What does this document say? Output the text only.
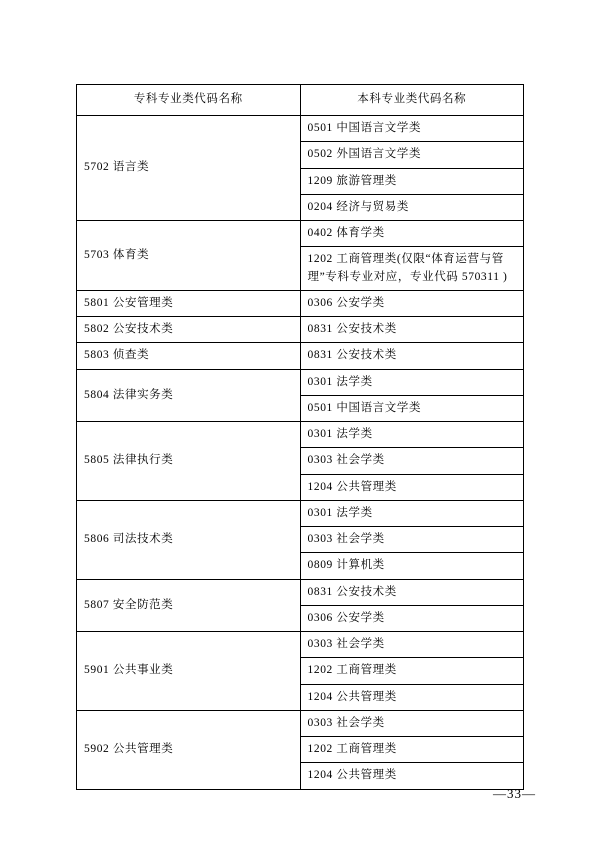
专科专业类代码名称	本科专业类代码名称
5702 语言类	0501 中国语言文学类
	0502 外国语言文学类
	1209 旅游管理类
	0204 经济与贸易类
5703 体育类	0402 体育学类
	1202 工商管理类(仅限“体育运营与管理”专科专业对应，专业代码 570311 )
5801 公安管理类	0306 公安学类
5802 公安技术类	0831 公安技术类
5803 侦查类	0831 公安技术类
5804 法律实务类	0301 法学类
	0501 中国语言文学类
5805 法律执行类	0301 法学类
	0303 社会学类
	1204 公共管理类
5806 司法技术类	0301 法学类
	0303 社会学类
	0809 计算机类
5807 安全防范类	0831 公安技术类
	0306 公安学类
5901 公共事业类	0303 社会学类
	1202 工商管理类
	1204 公共管理类
5902 公共管理类	0303 社会学类
	1202 工商管理类
	1204 公共管理类
—33—
